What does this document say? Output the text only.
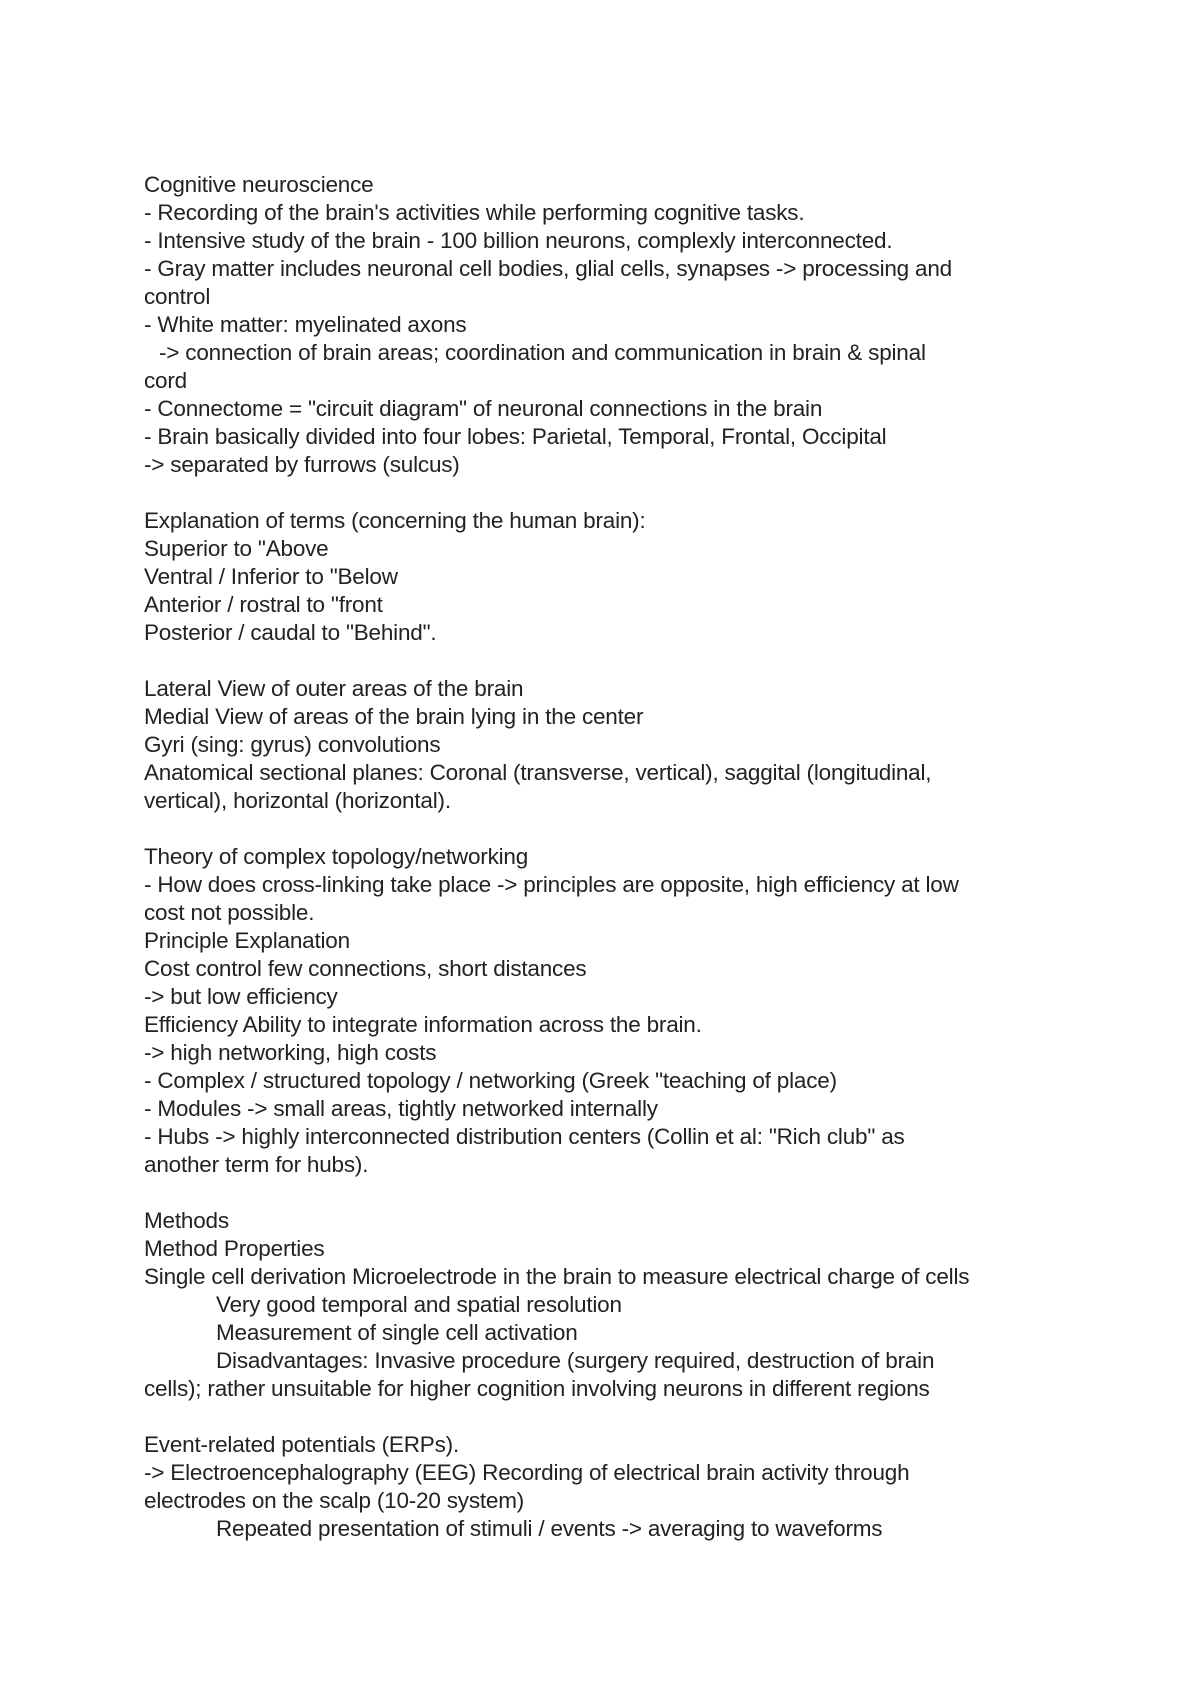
Cognitive neuroscience
- Recording of the brain's activities while performing cognitive tasks.
- Intensive study of the brain - 100 billion neurons, complexly interconnected.
- Gray matter includes neuronal cell bodies, glial cells, synapses -> processing and
control
- White matter: myelinated axons
-> connection of brain areas; coordination and communication in brain & spinal
cord
- Connectome = "circuit diagram" of neuronal connections in the brain
- Brain basically divided into four lobes: Parietal, Temporal, Frontal, Occipital
-> separated by furrows (sulcus)
Explanation of terms (concerning the human brain):
Superior to "Above
Ventral / Inferior to "Below
Anterior / rostral to "front
Posterior / caudal to "Behind".
Lateral View of outer areas of the brain
Medial View of areas of the brain lying in the center
Gyri (sing: gyrus) convolutions
Anatomical sectional planes: Coronal (transverse, vertical), saggital (longitudinal,
vertical), horizontal (horizontal).
Theory of complex topology/networking
- How does cross-linking take place -> principles are opposite, high efficiency at low
cost not possible.
Principle Explanation
Cost control few connections, short distances
-> but low efficiency
Efficiency Ability to integrate information across the brain.
-> high networking, high costs
- Complex / structured topology / networking (Greek "teaching of place)
- Modules -> small areas, tightly networked internally
- Hubs -> highly interconnected distribution centers (Collin et al: "Rich club" as
another term for hubs).
Methods
Method Properties
Single cell derivation Microelectrode in the brain to measure electrical charge of cells
Very good temporal and spatial resolution
Measurement of single cell activation
Disadvantages: Invasive procedure (surgery required, destruction of brain
cells); rather unsuitable for higher cognition involving neurons in different regions
Event-related potentials (ERPs).
-> Electroencephalography (EEG) Recording of electrical brain activity through
electrodes on the scalp (10-20 system)
Repeated presentation of stimuli / events -> averaging to waveforms
